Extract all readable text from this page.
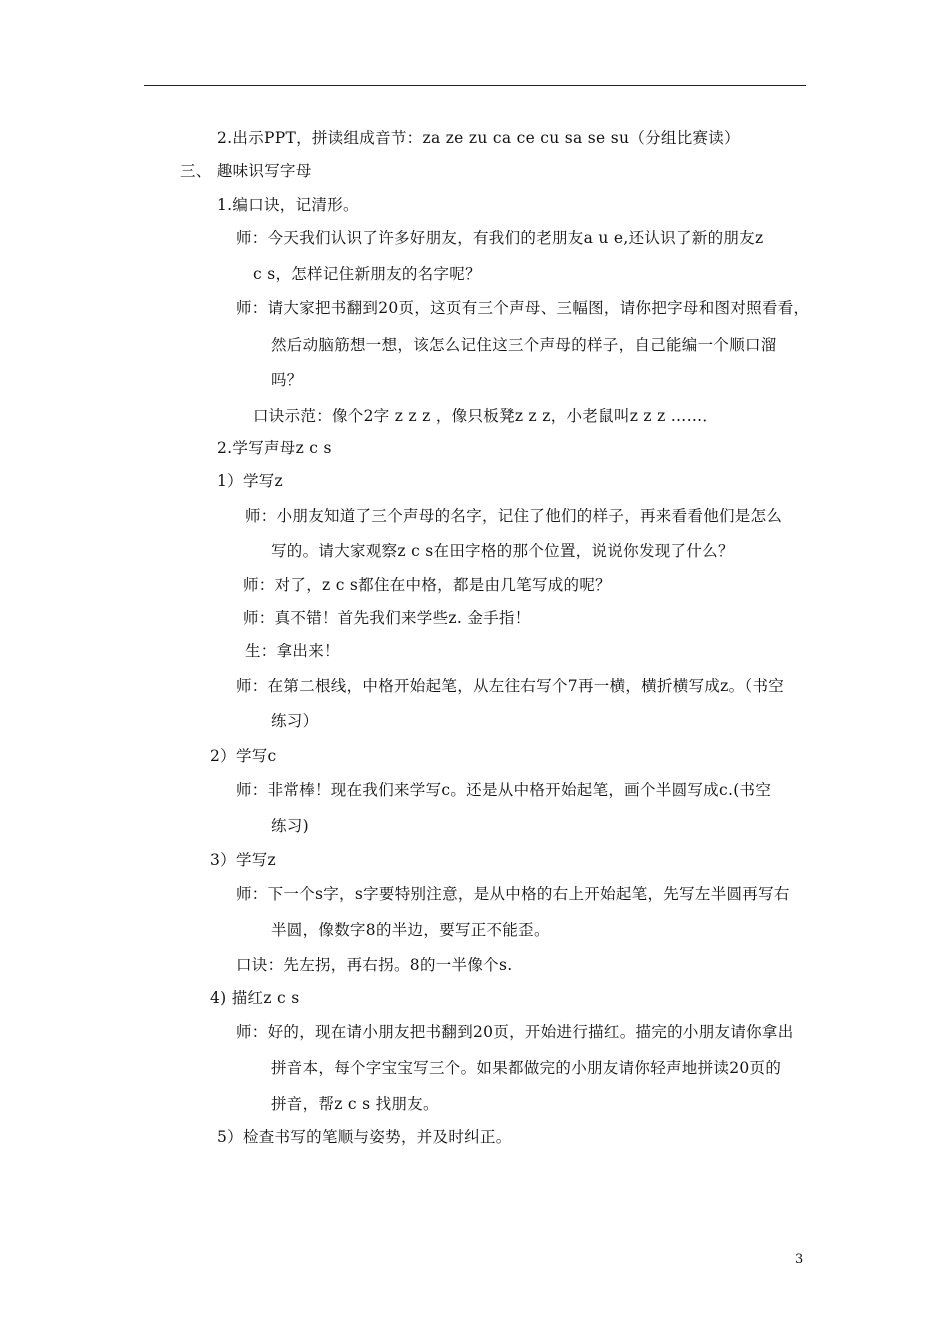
2.出示PPT，拼读组成音节：za ze zu ca ce cu sa se su（分组比赛读）
三、 趣味识写字母
1.编口诀，记清形。
师：今天我们认识了许多好朋友，有我们的老朋友a u e,还认识了新的朋友z
c s，怎样记住新朋友的名字呢？
师：请大家把书翻到20页，这页有三个声母、三幅图，请你把字母和图对照看看，
然后动脑筋想一想，该怎么记住这三个声母的样子，自己能编一个顺口溜
吗？
口诀示范：像个2字 z z z ，像只板凳z z z，小老鼠叫z z z ……．
2.学写声母z c s
1）学写z
师：小朋友知道了三个声母的名字，记住了他们的样子，再来看看他们是怎么
写的。请大家观察z c s在田字格的那个位置，说说你发现了什么？
师：对了，z c s都住在中格，都是由几笔写成的呢？
师：真不错！首先我们来学些z. 金手指！
生：拿出来！
师：在第二根线，中格开始起笔，从左往右写个7再一横，横折横写成z。（书空
练习）
2）学写c
师：非常棒！现在我们来学写c。还是从中格开始起笔，画个半圆写成c.(书空
练习)
3）学写z
师：下一个s字，s字要特别注意，是从中格的右上开始起笔，先写左半圆再写右
半圆，像数字8的半边，要写正不能歪。
口诀：先左拐，再右拐。8的一半像个s.
4) 描红z c s
师：好的，现在请小朋友把书翻到20页，开始进行描红。描完的小朋友请你拿出
拼音本，每个字宝宝写三个。如果都做完的小朋友请你轻声地拼读20页的
拼音，帮z c s 找朋友。
5）检查书写的笔顺与姿势，并及时纠正。
3
